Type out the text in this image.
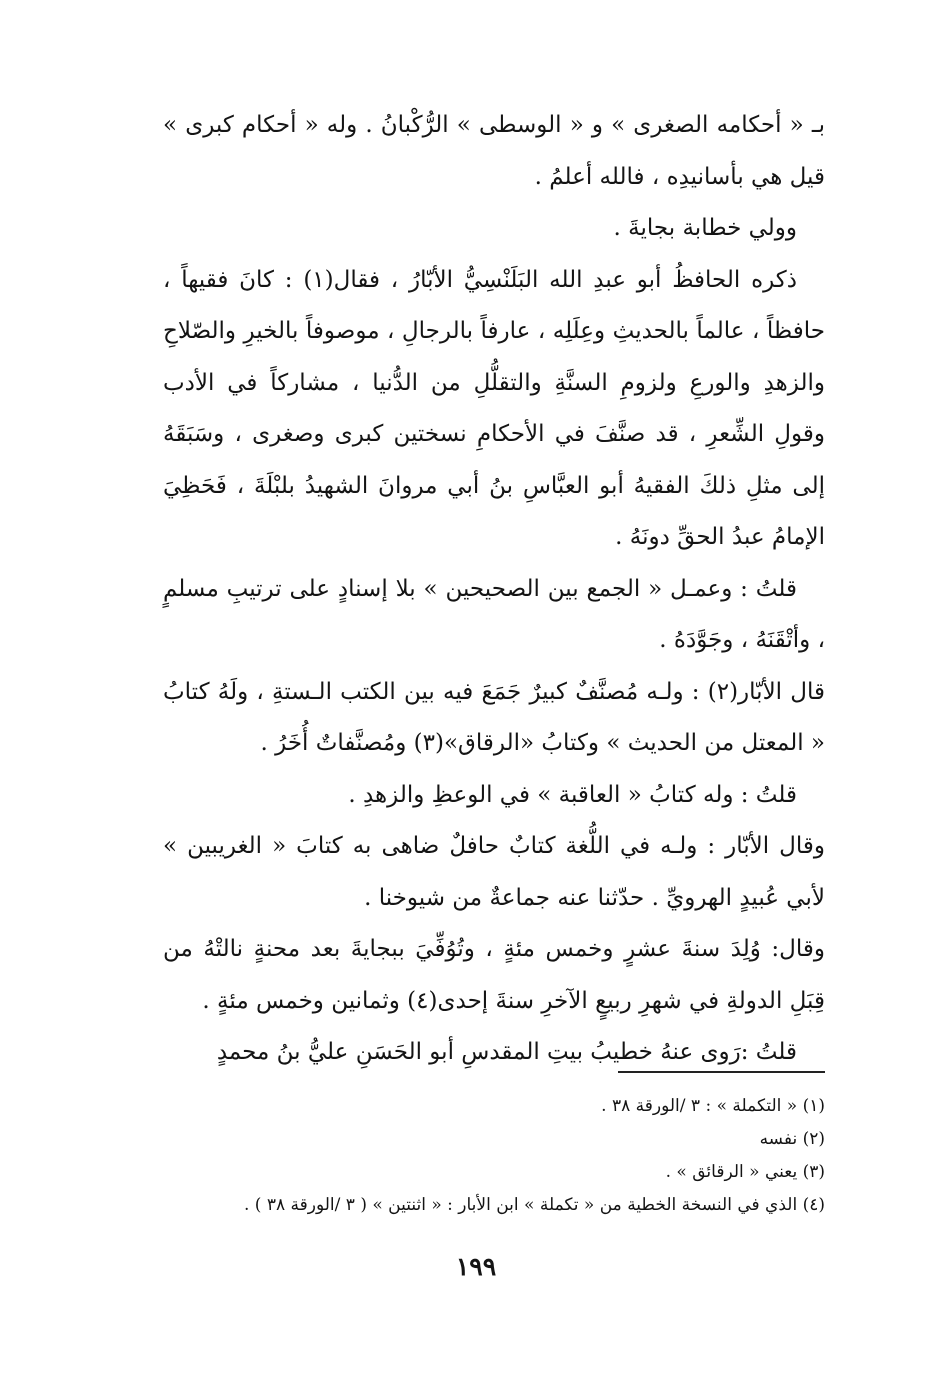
بـ « أحكامه الصغرى » و « الوسطى » الرُّكْبانُ . وله « أحكام كبرى » قيل هي بأسانيدِه ، فالله أعلمُ .

وولي خطابة بجايةَ .

ذكره الحافظُ أبو عبدِ الله البَلَنْسِيُّ الأبّارُ ، فقال(١) : كانَ فقيهاً ، حافظاً ، عالماً بالحديثِ وعِلَلِه ، عارفاً بالرجالِ ، موصوفاً بالخيرِ والصّلاحِ والزهدِ والورعِ ولزومِ السنَّةِ والتقلُّلِ من الدُّنيا ، مشاركاً في الأدب وقولِ الشِّعرِ ، قد صنَّفَ في الأحكامِ نسختين كبرى وصغرى ، وسَبَقَهُ إلى مثلِ ذلكَ الفقيهُ أبو العبَّاسِ بنُ أبي مروانَ الشهيدُ بلبْلَةَ ، فَحَظِيَ الإمامُ عبدُ الحقِّ دونَهُ .

قلتُ : وعمـل « الجمع بين الصحيحين » بلا إسنادٍ على ترتيبِ مسلمٍ ، وأتْقَنَهُ ، وجَوَّدَهُ .

قال الأبّار(٢) : ولـه مُصنَّفٌ كبيرٌ جَمَعَ فيه بين الكتب الـستةِ ، ولَهُ كتابُ « المعتل من الحديث » وكتابُ «الرقاق»(٣) ومُصنَّفاتٌ أُخَرُ .

قلتُ : وله كتابُ « العاقبة » في الوعظِ والزهدِ .

وقال الأبّار : ولـه في اللُّغة كتابٌ حافلٌ ضاهى به كتابَ « الغريبين » لأبي عُبيدٍ الهرويِّ . حدّثنا عنه جماعةٌ من شيوخنا .

وقال: وُلِدَ سنةَ عشرٍ وخمس مئةٍ ، وتُوُفِّيَ ببجايةَ بعد محنةٍ نالتْهُ من قِبَلِ الدولةِ في شهرِ ربيعٍ الآخرِ سنةَ إحدى(٤) وثمانين وخمس مئةٍ .

قلتُ :رَوى عنهُ خطيبُ بيتِ المقدسِ أبو الحَسَنِ عليُّ بنُ محمدٍ

(١) « التكملة » : ٣ /الورقة ٣٨ .

(٢) نفسه

(٣) يعني « الرقائق » .

(٤) الذي في النسخة الخطية من « تكملة » ابن الأبار : « اثنتين » ( ٣ /الورقة ٣٨ ) .

١٩٩
